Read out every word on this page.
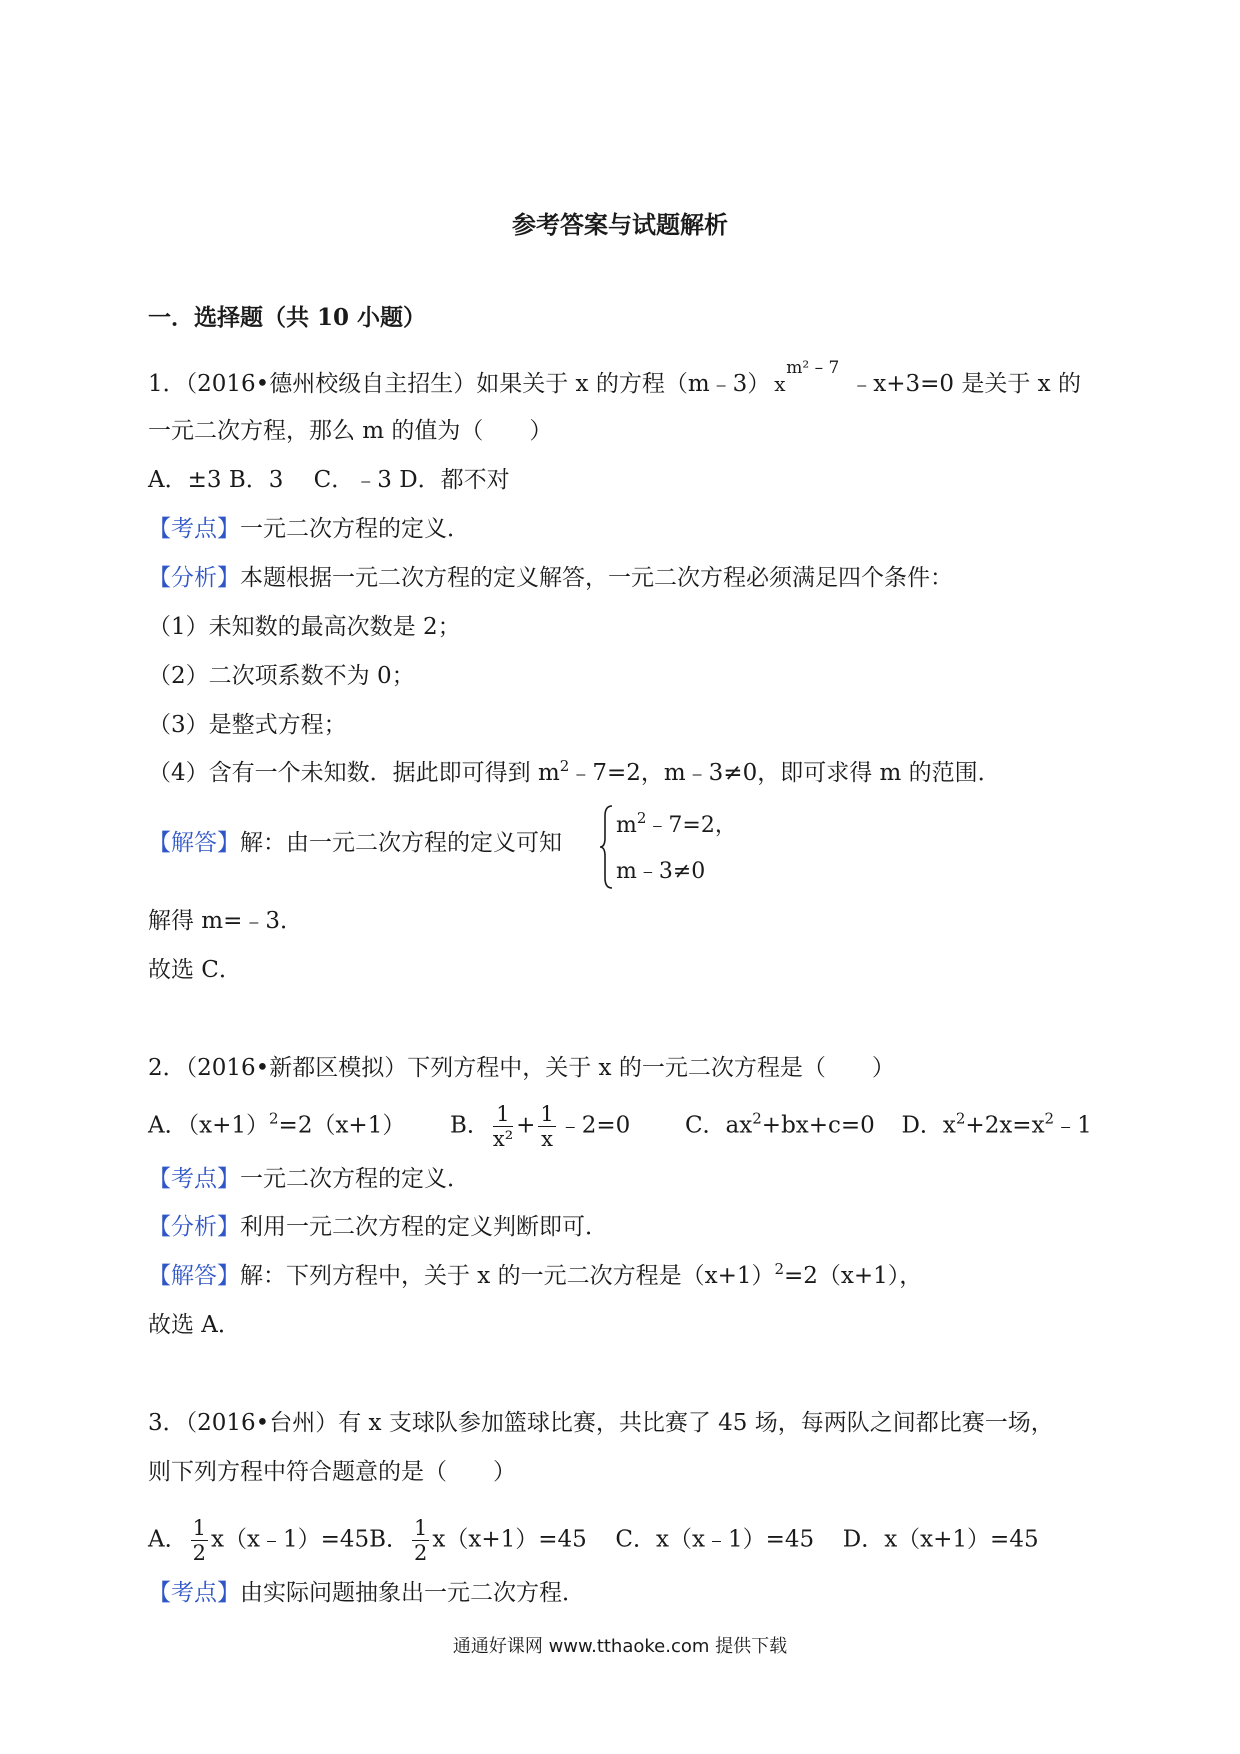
参考答案与试题解析
一．选择题（共 10 小题）
1．（2016•德州校级自主招生）如果关于 x 的方程（m﹣3） x
m² – 7
﹣x+3=0 是关于 x 的
一元二次方程，那么 m 的值为（　　）
A．±3 B．3　 C．﹣3 D．都不对
【考点】一元二次方程的定义．
【分析】本题根据一元二次方程的定义解答，一元二次方程必须满足四个条件：
（1）未知数的最高次数是 2；
（2）二次项系数不为 0；
（3）是整式方程；
（4）含有一个未知数．据此即可得到 $m^2﹣7=2$，m﹣3≠0，即可求得 m 的范围．
【解答】解：由一元二次方程的定义可知
$m^2﹣7=2$，
m﹣3≠0
解得 m=﹣3．
故选 C．
2．（2016•新都区模拟）下列方程中，关于 x 的一元二次方程是（　　）
A．$(x+1)^2=2(x+1)$ B． $\frac{1}{\text{x²}} + \frac{1}{x}$ ﹣2=0 C．$ax^2+bx+c=0$ D．$x^2+2x=x^2﹣1$
【考点】一元二次方程的定义．
【分析】利用一元二次方程的定义判断即可．
【解答】解：下列方程中，关于 x 的一元二次方程是$(x+1)^2=2(x+1)$，
故选 A．
3．（2016•台州）有 x 支球队参加篮球比赛，共比赛了 45 场，每两队之间都比赛一场，
则下列方程中符合题意的是（　　）
A． $\frac{1}{2}$ x（x﹣1）=45B． $\frac{1}{2} x(x+1)=45$ C．x（x﹣1）=45 D．x（x+1）=45
【考点】由实际问题抽象出一元二次方程．
通通好课网 www.tthaoke.com 提供下载
